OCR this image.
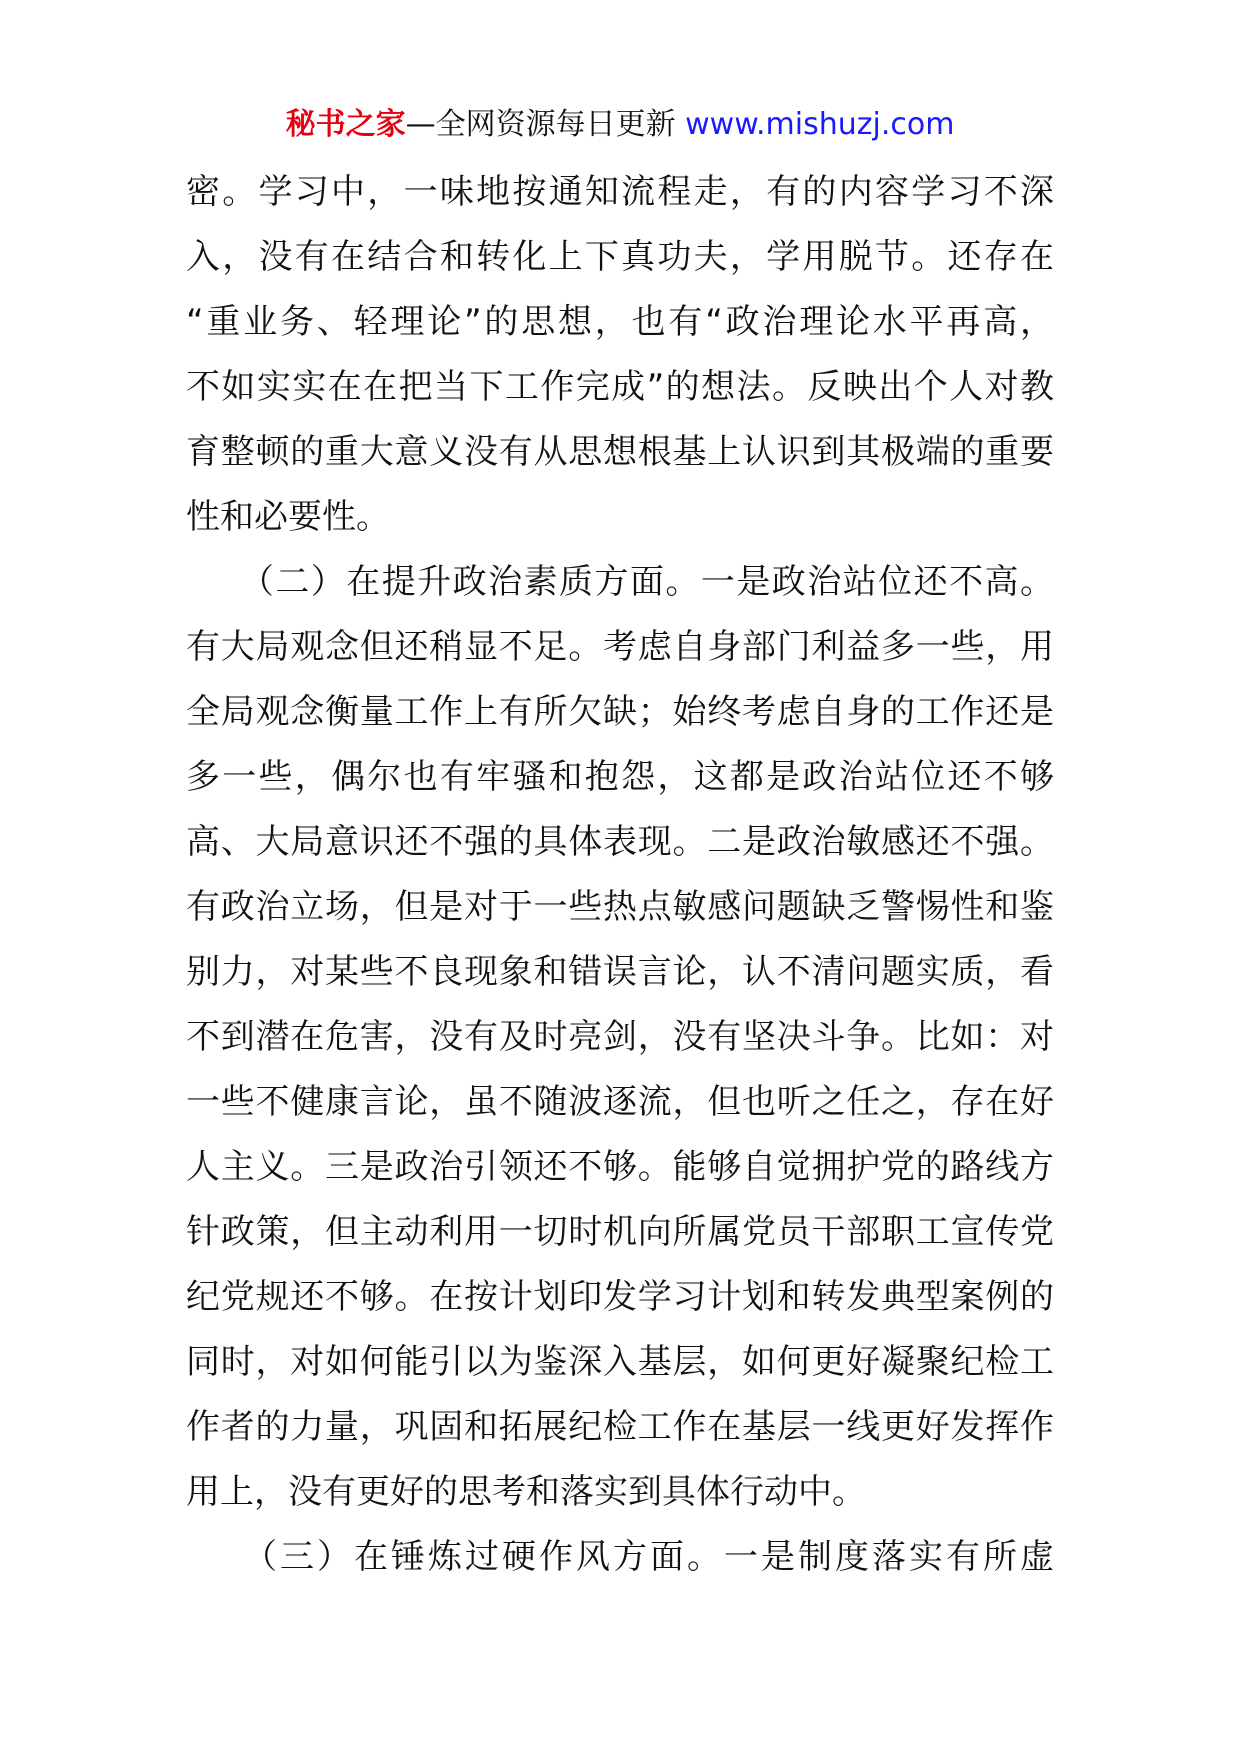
秘书之家—全网资源每日更新 www.mishuzj.com
密。学习中，一味地按通知流程走，有的内容学习不深
入，没有在结合和转化上下真功夫，学用脱节。还存在
“重业务、轻理论”的思想，也有“政治理论水平再高，
不如实实在在把当下工作完成”的想法。反映出个人对教
育整顿的重大意义没有从思想根基上认识到其极端的重要
性和必要性。
　　（二）在提升政治素质方面。一是政治站位还不高。
有大局观念但还稍显不足。考虑自身部门利益多一些，用
全局观念衡量工作上有所欠缺；始终考虑自身的工作还是
多一些，偶尔也有牢骚和抱怨，这都是政治站位还不够
高、大局意识还不强的具体表现。二是政治敏感还不强。
有政治立场，但是对于一些热点敏感问题缺乏警惕性和鉴
别力，对某些不良现象和错误言论，认不清问题实质，看
不到潜在危害，没有及时亮剑，没有坚决斗争。比如：对
一些不健康言论，虽不随波逐流，但也听之任之，存在好
人主义。三是政治引领还不够。能够自觉拥护党的路线方
针政策，但主动利用一切时机向所属党员干部职工宣传党
纪党规还不够。在按计划印发学习计划和转发典型案例的
同时，对如何能引以为鉴深入基层，如何更好凝聚纪检工
作者的力量，巩固和拓展纪检工作在基层一线更好发挥作
用上，没有更好的思考和落实到具体行动中。
　　（三）在锤炼过硬作风方面。一是制度落实有所虚
